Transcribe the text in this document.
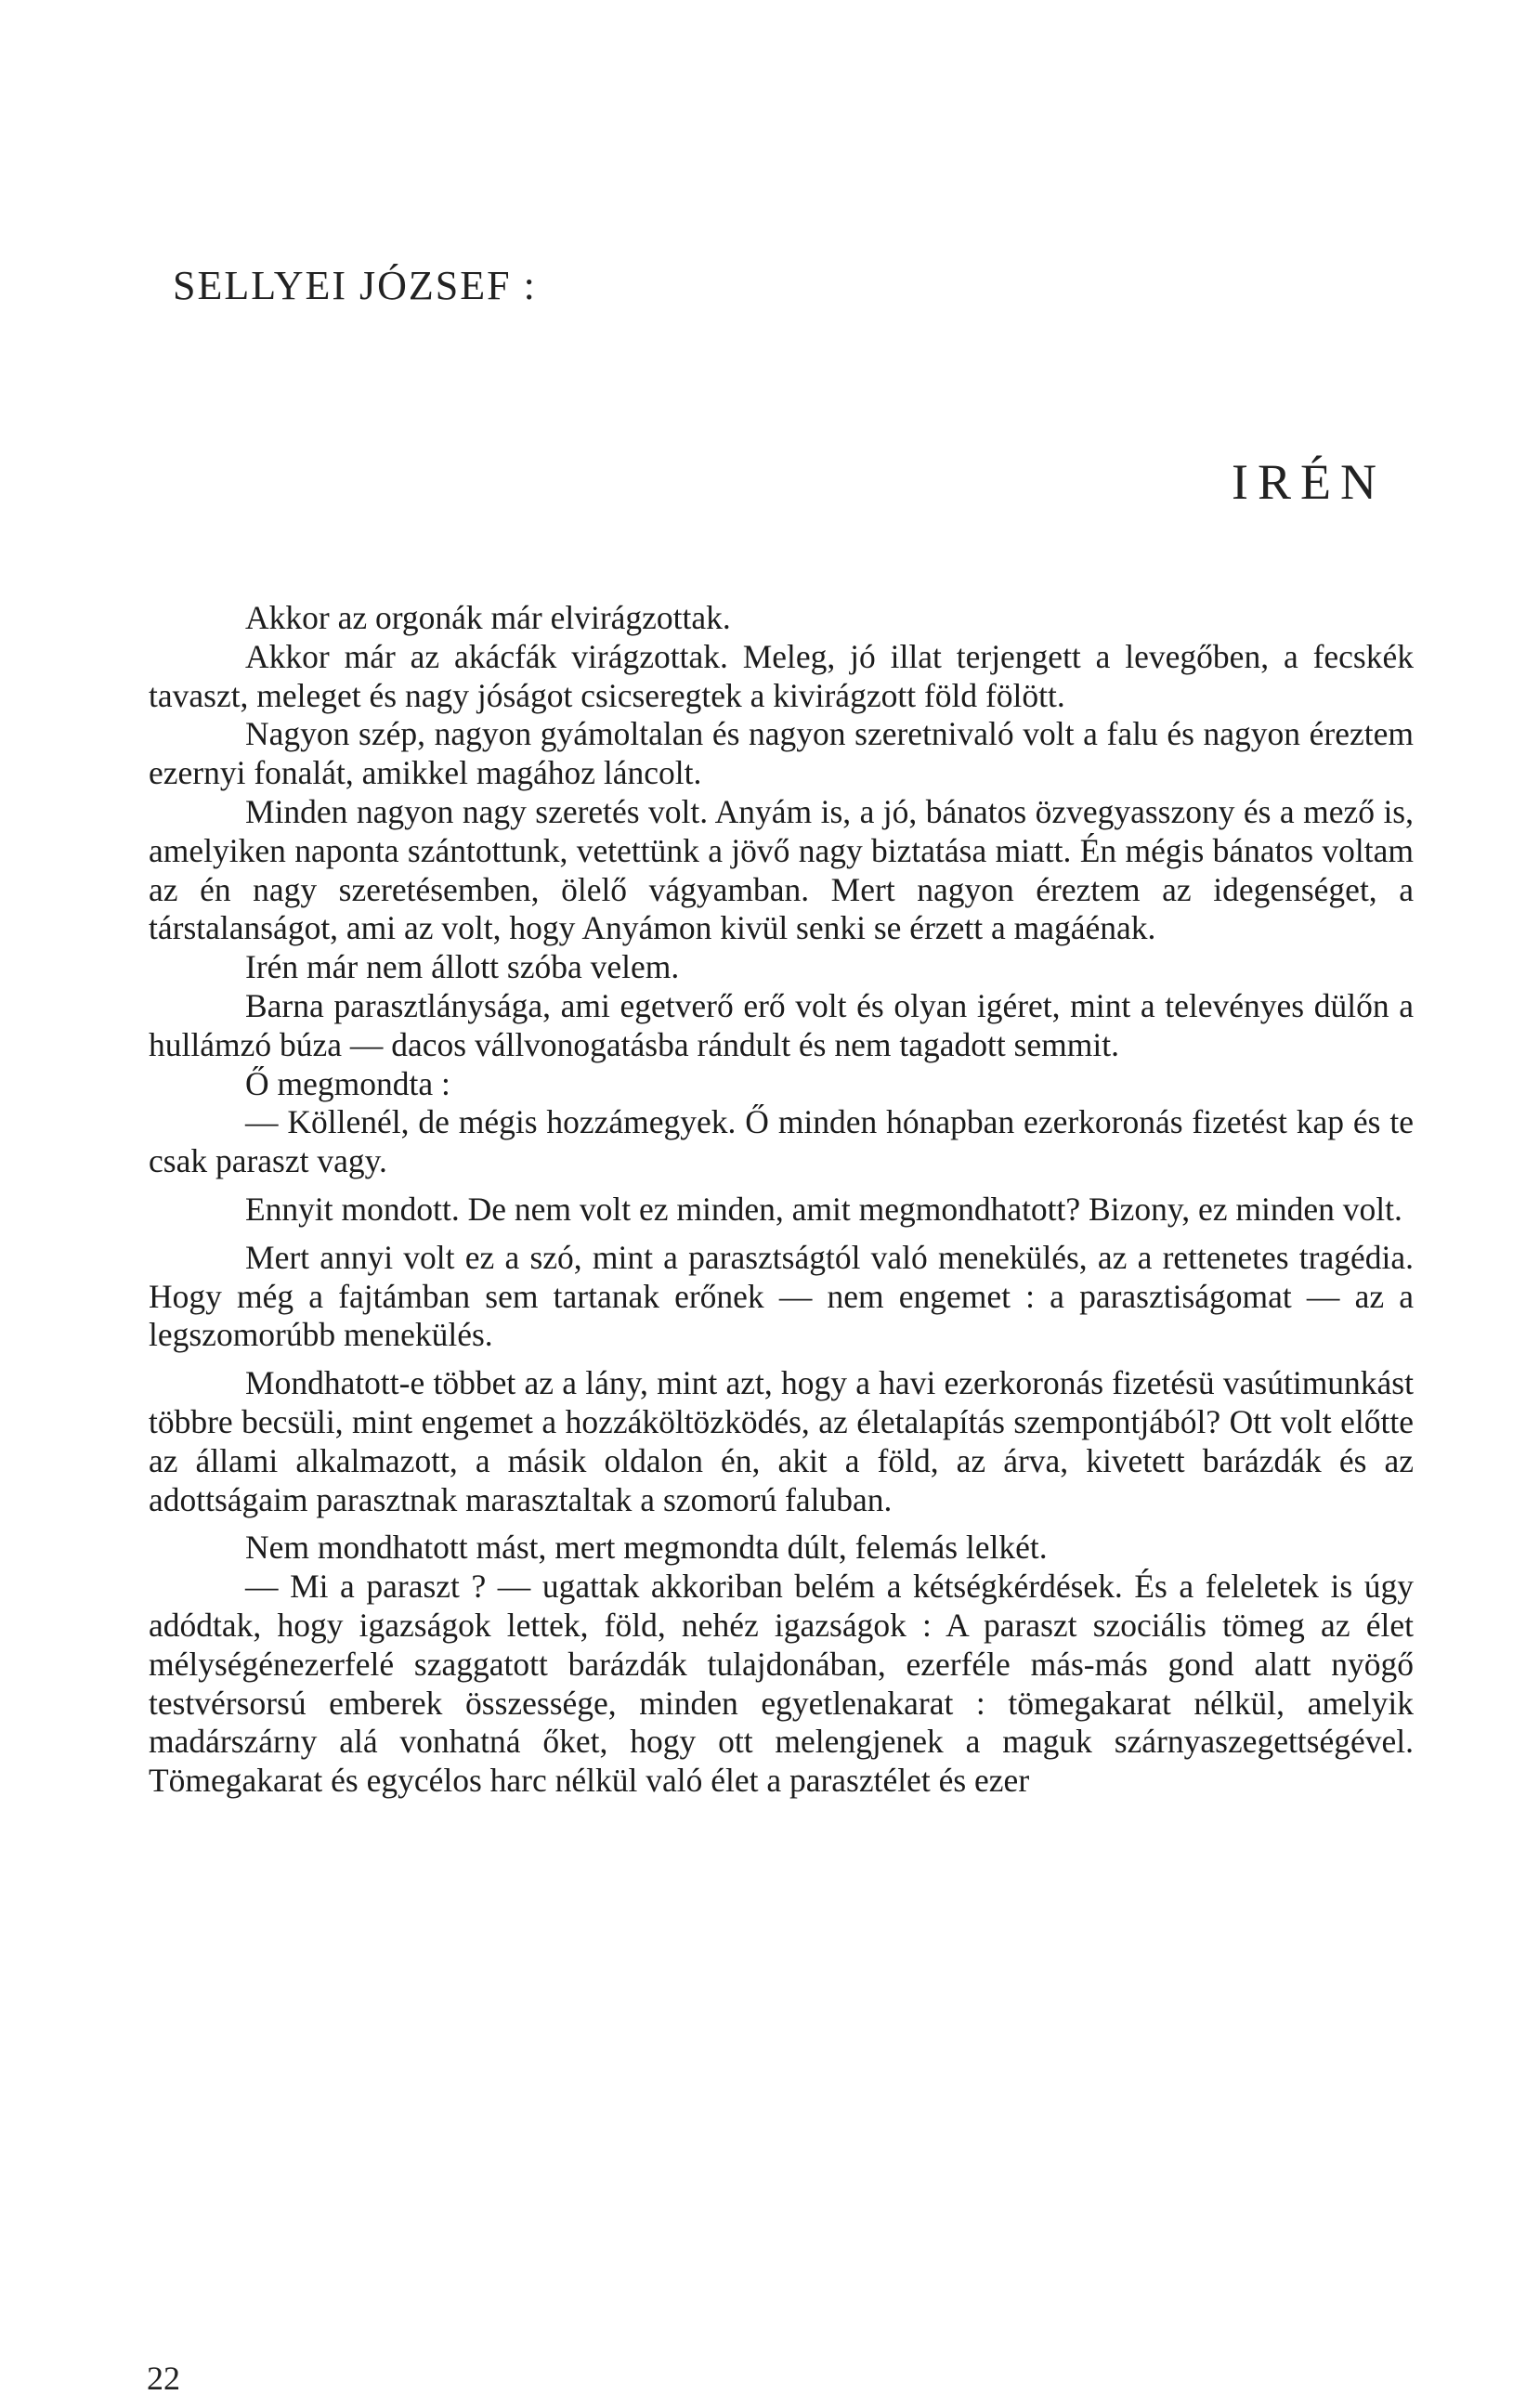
SELLYEI JÓZSEF :
IRÉN

Akkor az orgonák már elvirágzottak.

Akkor már az akácfák virágzottak. Meleg, jó illat terjengett a levegőben, a fecskék tavaszt, meleget és nagy jóságot csicseregtek a kivirágzott föld fölött.

Nagyon szép, nagyon gyámoltalan és nagyon szeretnivaló volt a falu és nagyon éreztem ezernyi fonalát, amikkel magához láncolt.

Minden nagyon nagy szeretés volt. Anyám is, a jó, bánatos özvegyasszony és a mező is, amelyiken naponta szántottunk, vetettünk a jövő nagy biztatása miatt. Én mégis bánatos voltam az én nagy szeretésemben, ölelő vágyamban. Mert nagyon éreztem az idegenséget, a társtalanságot, ami az volt, hogy Anyámon kivül senki se érzett a magáénak.

Irén már nem állott szóba velem.

Barna parasztlánysága, ami egetverő erő volt és olyan igéret, mint a televényes dülőn a hullámzó búza — dacos vállvonogatásba rándult és nem tagadott semmit.

Ő megmondta :

— Köllenél, de mégis hozzámegyek. Ő minden hónapban ezerkoronás fizetést kap és te csak paraszt vagy.

Ennyit mondott. De nem volt ez minden, amit megmondhatott? Bizony, ez minden volt.

Mert annyi volt ez a szó, mint a parasztságtól való menekülés, az a rettenetes tragédia. Hogy még a fajtámban sem tartanak erőnek — nem engemet : a parasztiságomat — az a legszomorúbb menekülés.

Mondhatott-e többet az a lány, mint azt, hogy a havi ezerkoronás fizetésü vasútimunkást többre becsüli, mint engemet a hozzáköltözködés, az életalapítás szempontjából? Ott volt előtte az állami alkalmazott, a másik oldalon én, akit a föld, az árva, kivetett barázdák és az adottságaim parasztnak marasztaltak a szomorú faluban.

Nem mondhatott mást, mert megmondta dúlt, felemás lelkét.

— Mi a paraszt ? — ugattak akkoriban belém a kétségkérdések. És a feleletek is úgy adódtak, hogy igazságok lettek, föld, nehéz igazságok : A paraszt szociális tömeg az élet mélységénezerfelé szaggatott barázdák tulajdonában, ezerféle más-más gond alatt nyögő testvérsorsú emberek összessége, minden egyetlenakarat : tömegakarat nélkül, amelyik madárszárny alá vonhatná őket, hogy ott melengjenek a maguk szárnyaszegettségével. Tömegakarat és egycélos harc nélkül való élet a parasztélet és ezer

22
